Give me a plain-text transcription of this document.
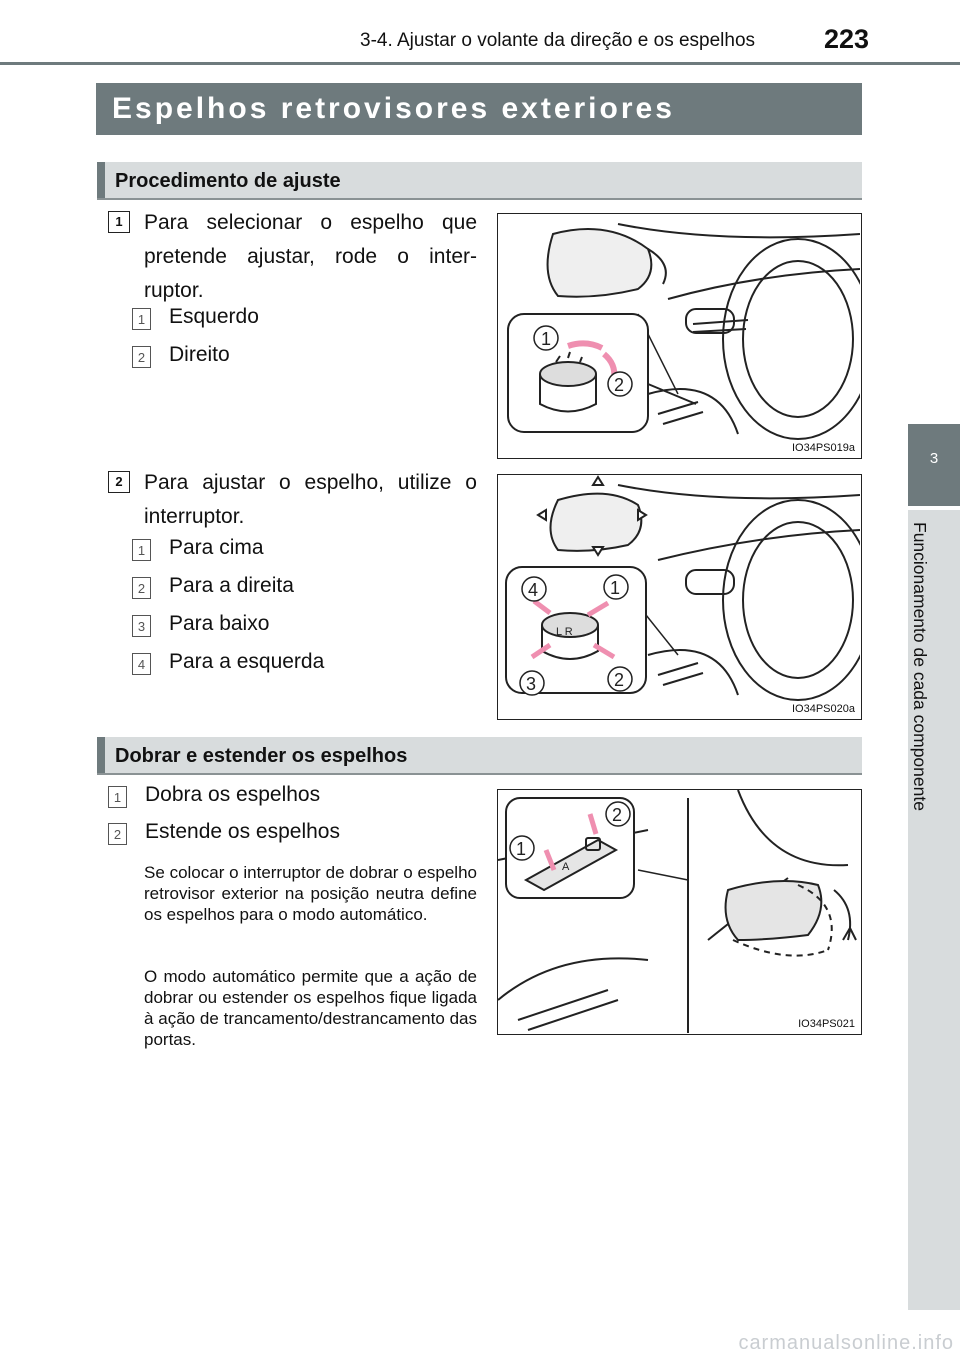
3-4. Ajustar o volante da direção e os espelhos	223
3
Funcionamento de cada componente
Espelhos retrovisores exteriores
Procedimento de ajuste
1	Para selecionar o espelho que pretende ajustar, rode o inter-ruptor.
1 Esquerdo
2 Direito
1
2
IO34PS019a
2	Para ajustar o espelho, utilize o interruptor.
1 Para cima
2 Para a direita
3 Para baixo
4 Para a esquerda
L R
4	1
3	2
IO34PS020a
Dobrar e estender os espelhos
1 Dobra os espelhos
2 Estende os espelhos
Se colocar o interruptor de dobrar o espelho retrovisor exterior na posição neutra define os espelhos para o modo automático.
O modo automático permite que a ação de dobrar ou estender os espelhos fique ligada à ação de trancamento/destrancamento das portas.
A
1
2
IO34PS021
carmanualsonline.info
